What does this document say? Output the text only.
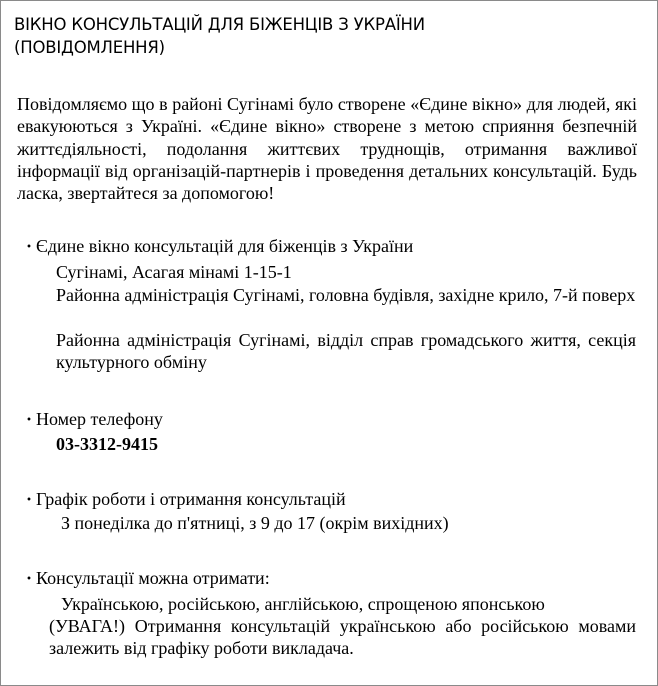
ВІКНО КОНСУЛЬТАЦІЙ ДЛЯ БІЖЕНЦІВ З УКРАЇНИ (ПОВІДОМЛЕННЯ)
Повідомляємо що в районі Сугінамі було створене «Єдине вікно» для людей, які евакуюються з Україні. «Єдине вікно» створене з метою сприяння безпечній життєдіяльності, подолання життєвих труднощів, отримання важливої інформації від організацій-партнерів і проведення детальних консультацій. Будь ласка, звертайтеся за допомогою!
・Єдине вікно консультацій для біженців з України
Сугінамі, Асагая мінамі 1-15-1
Районна адміністрація Сугінамі, головна будівля, західне крило, 7-й поверх
Районна адміністрація Сугінамі, відділ справ громадського життя, секція культурного обміну
・Номер телефону
03-3312-9415
・Графік роботи і отримання консультацій
З понеділка до п'ятниці, з 9 до 17 (окрім вихідних)
・Консультації можна отримати:
Українською, російською, англійською, спрощеною японською
(УВАГА!) Отримання консультацій українською або російською мовами залежить від графіку роботи викладача.
